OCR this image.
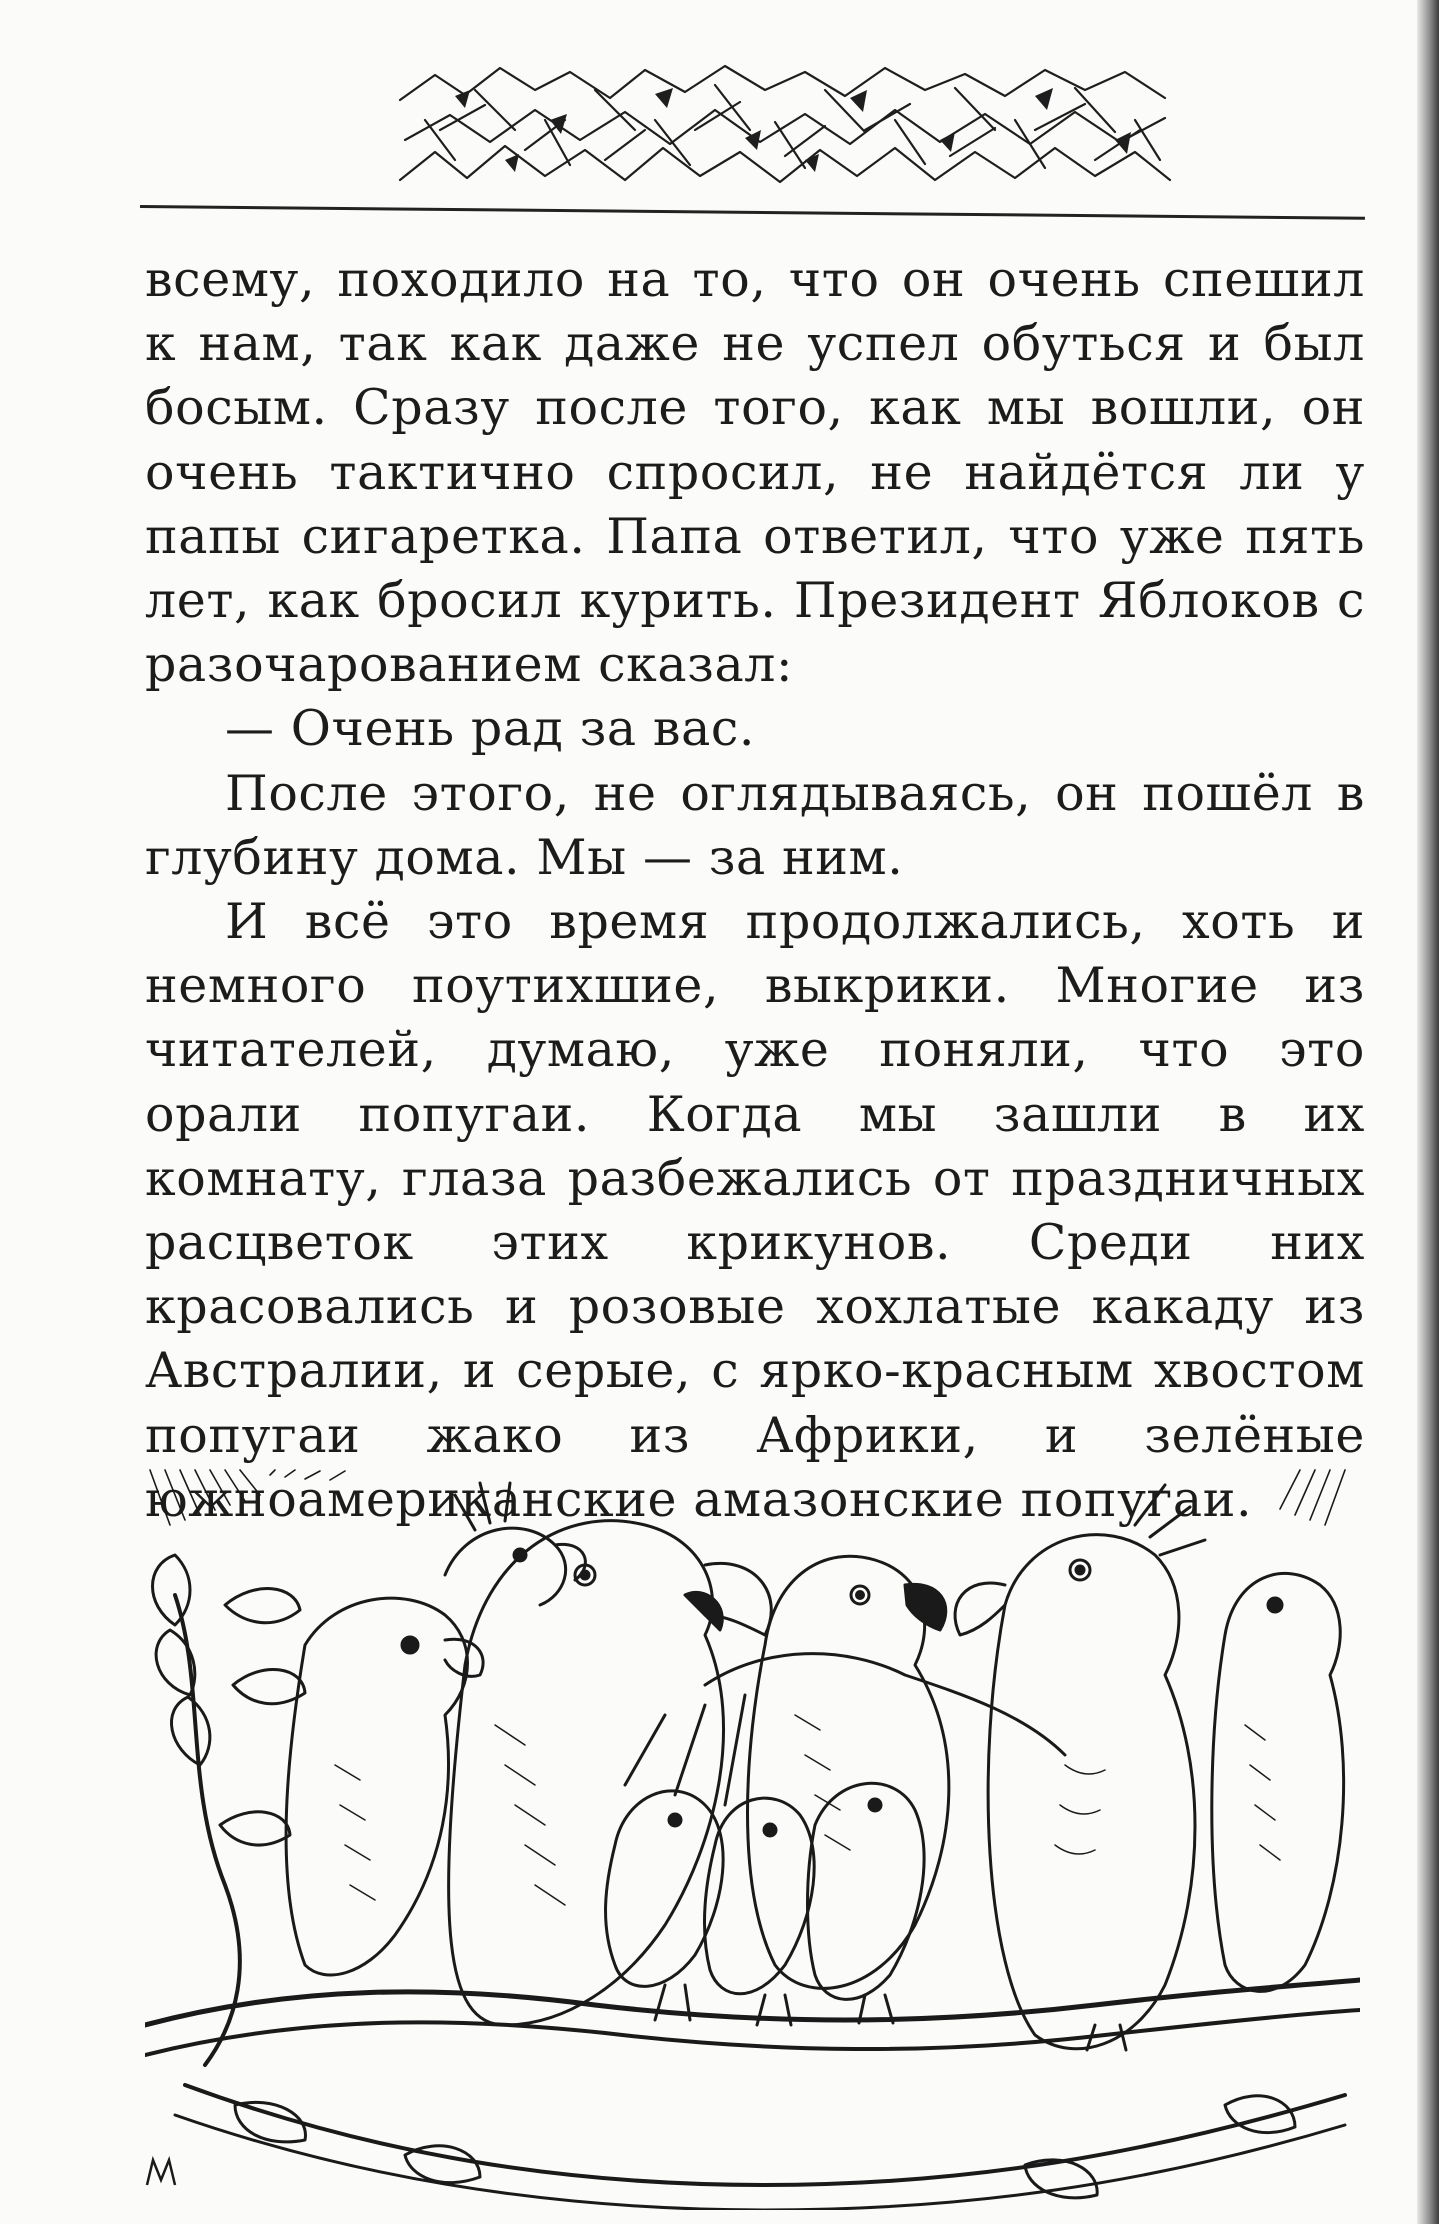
всему, походило на то, что он очень спешил к нам, так как даже не успел обуться и был босым. Сразу после того, как мы вошли, он очень тактично спросил, не найдётся ли у папы сигаретка. Папа ответил, что уже пять лет, как бросил курить. Президент Яблоков с разочарованием сказал:

— Очень рад за вас.

После этого, не оглядываясь, он пошёл в глубину дома. Мы — за ним.

И всё это время продолжались, хоть и немного поутихшие, выкрики. Многие из читателей, думаю, уже поняли, что это орали попугаи. Когда мы зашли в их комнату, глаза разбежались от праздничных расцветок этих крикунов. Среди них красовались и розовые хохлатые какаду из Австралии, и серые, с ярко-красным хвостом попугаи жако из Африки, и зелёные южноамериканские амазонские попугаи.
